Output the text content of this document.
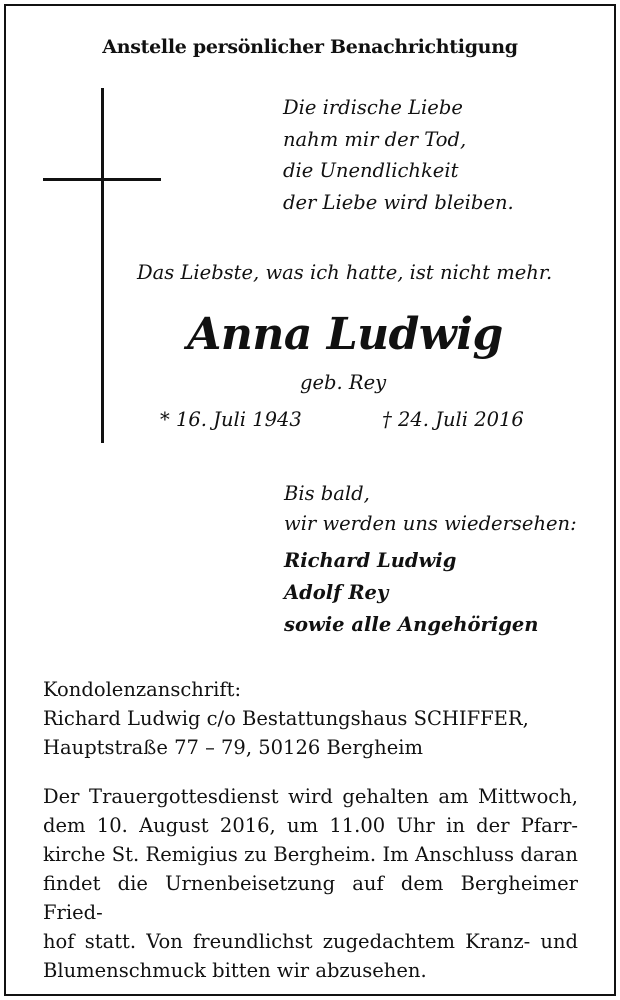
Anstelle persönlicher Benachrichtigung
Die irdische Liebe
nahm mir der Tod,
die Unendlichkeit
der Liebe wird bleiben.
Das Liebste, was ich hatte, ist nicht mehr.
Anna Ludwig
geb. Rey
* 16. Juli 1943	† 24. Juli 2016
Bis bald,
wir werden uns wiedersehen:
Richard Ludwig
Adolf Rey
sowie alle Angehörigen
Kondolenzanschrift:
Richard Ludwig c/o Bestattungshaus SCHIFFER,
Hauptstraße 77 – 79, 50126 Bergheim
Der Trauergottesdienst wird gehalten am Mittwoch,
dem 10. August 2016, um 11.00 Uhr in der Pfarr-
kirche St. Remigius zu Bergheim. Im Anschluss daran
findet die Urnenbeisetzung auf dem Bergheimer Fried-
hof statt. Von freundlichst zugedachtem Kranz- und
Blumenschmuck bitten wir abzusehen.
